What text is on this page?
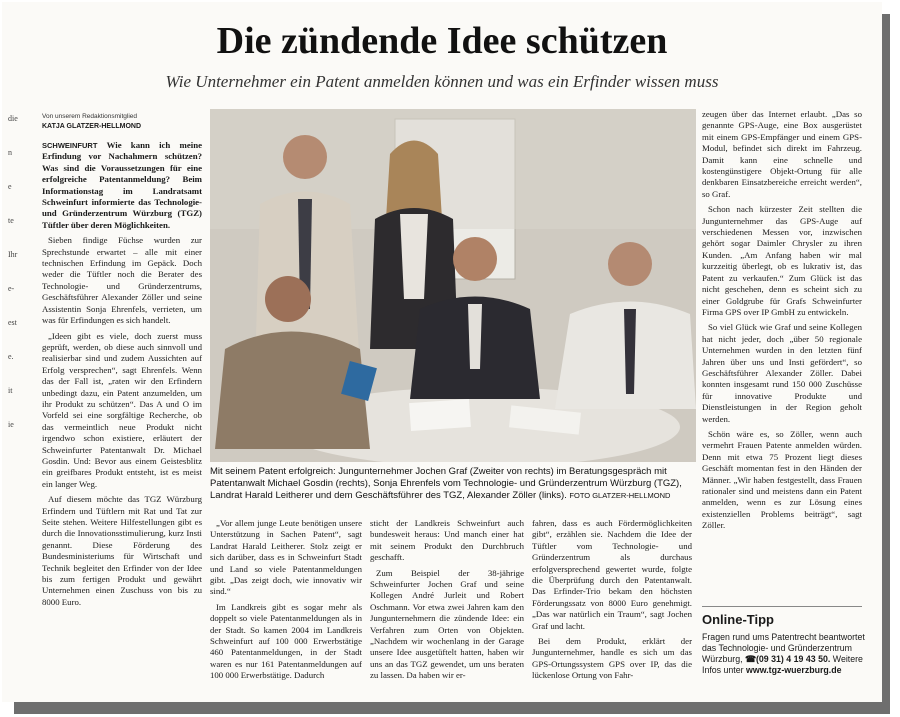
Die zündende Idee schützen
Wie Unternehmer ein Patent anmelden können und was ein Erfinder wissen muss
die
n
e
te
Ihr
e-
est
e.
it
ie
Von unserem Redaktionsmitglied
KATJA GLATZER-HELLMOND

SCHWEINFURT Wie kann ich meine Erfindung vor Nachahmern schützen? Was sind die Voraussetzungen für eine erfolgreiche Patentanmeldung? Beim Informationstag im Landratsamt Schweinfurt informierte das Technologie- und Gründerzentrum Würzburg (TGZ) Tüftler über deren Möglichkeiten.

Sieben findige Füchse wurden zur Sprechstunde erwartet – alle mit einer technischen Erfindung im Gepäck. Doch weder die Tüftler noch die Berater des Technologie- und Gründerzentrums, Geschäftsführer Alexander Zöller und seine Assistentin Sonja Ehrenfels, verrieten, um was für Erfindungen es sich handelt.

„Ideen gibt es viele, doch zuerst muss geprüft, werden, ob diese auch sinnvoll und realisierbar sind und zudem Aussichten auf Erfolg versprechen“, sagt Ehrenfels. Wenn das der Fall ist, „raten wir den Erfindern unbedingt dazu, ein Patent anzumelden, um ihr Produkt zu schützen“. Das A und O im Vorfeld sei eine sorgfältige Recherche, ob das vermeintlich neue Produkt nicht irgendwo schon existiere, erläutert der Schweinfurter Patentanwalt Dr. Michael Gosdin. Und: Bevor aus einem Geistesblitz ein greifbares Produkt entsteht, ist es meist ein langer Weg.

Auf diesem möchte das TGZ Würzburg Erfindern und Tüftlern mit Rat und Tat zur Seite stehen. Weitere Hilfestellungen gibt es durch die Innovationsstimulierung, kurz Insti genannt. Diese Förderung des Bundesministeriums für Wirtschaft und Technik begleitet den Erfinder von der Idee bis zum fertigen Produkt und gewährt Unternehmen einen Zuschuss von bis zu 8000 Euro.

Mit seinem Patent erfolgreich: Jungunternehmer Jochen Graf (Zweiter von rechts) im Beratungsgespräch mit Patentanwalt Michael Gosdin (rechts), Sonja Ehrenfels vom Technologie- und Gründerzentrum Würzburg (TGZ), Landrat Harald Leitherer und dem Geschäftsführer des TGZ, Alexander Zöller (links). FOTO GLATZER-HELLMOND

„Vor allem junge Leute benötigen unsere Unterstützung in Sachen Patent“, sagt Landrat Harald Leitherer. Stolz zeigt er sich darüber, dass es in Schweinfurt Stadt und Land so viele Patentanmeldungen gibt. „Das zeigt doch, wie innovativ wir sind.“

Im Landkreis gibt es sogar mehr als doppelt so viele Patentanmeldungen als in der Stadt. So kamen 2004 im Landkreis Schweinfurt auf 100 000 Erwerbstätige 460 Patentanmeldungen, in der Stadt waren es nur 161 Patentanmeldungen auf 100 000 Erwerbstätige. Dadurch

sticht der Landkreis Schweinfurt auch bundesweit heraus: Und manch einer hat mit seinem Produkt den Durchbruch geschafft.

Zum Beispiel der 38-jährige Schweinfurter Jochen Graf und seine Kollegen André Jurleit und Robert Oschmann. Vor etwa zwei Jahren kam den Jungunternehmern die zündende Idee: ein Verfahren zum Orten von Objekten. „Nachdem wir wochenlang in der Garage unsere Idee ausgetüftelt hatten, haben wir uns an das TGZ gewendet, um uns beraten zu lassen. Da haben wir er-

fahren, dass es auch Fördermöglichkeiten gibt“, erzählen sie. Nachdem die Idee der Tüftler vom Technologie- und Gründerzentrum als durchaus erfolgversprechend gewertet wurde, folgte die Überprüfung durch den Patentanwalt. Das Erfinder-Trio bekam den höchsten Förderungssatz von 8000 Euro genehmigt. „Das war natürlich ein Traum“, sagt Jochen Graf und lacht.

Bei dem Produkt, erklärt der Jungunternehmer, handle es sich um das GPS-Ortungssystem GPS over IP, das die lückenlose Ortung von Fahr-

zeugen über das Internet erlaubt. „Das so genannte GPS-Auge, eine Box ausgerüstet mit einem GPS-Empfänger und einem GPS-Modul, befindet sich direkt im Fahrzeug. Damit kann eine schnelle und kostengünstigere Objekt-Ortung für alle denkbaren Einsatzbereiche erreicht werden“, so Graf.

Schon nach kürzester Zeit stellten die Jungunternehmer das GPS-Auge auf verschiedenen Messen vor, inzwischen gehört sogar Daimler Chrysler zu ihren Kunden. „Am Anfang haben wir mal kurzzeitig überlegt, ob es lukrativ ist, das Patent zu verkaufen.“ Zum Glück ist das nicht geschehen, denn es scheint sich zu einer Goldgrube für Grafs Schweinfurter Firma GPS over IP GmbH zu entwickeln.

So viel Glück wie Graf und seine Kollegen hat nicht jeder, doch „über 50 regionale Unternehmen wurden in den letzten fünf Jahren über uns und Insti gefördert“, so Geschäftsführer Alexander Zöller. Dabei konnten insgesamt rund 150 000 Zuschüsse für innovative Produkte und Dienstleistungen in der Region geholt werden.

Schön wäre es, so Zöller, wenn auch vermehrt Frauen Patente anmelden würden. Denn mit etwa 75 Prozent liegt dieses Geschäft momentan fest in den Händen der Männer. „Wir haben festgestellt, dass Frauen rationaler sind und meistens dann ein Patent anmelden, wenn es zur Lösung eines existenziellen Problems beiträgt“, sagt Zöller.

Online-Tipp
Fragen rund ums Patentrecht beantwortet das Technologie- und Gründerzentrum Würzburg, ☎(09 31) 4 19 43 50. Weitere Infos unter www.tgz-wuerzburg.de
